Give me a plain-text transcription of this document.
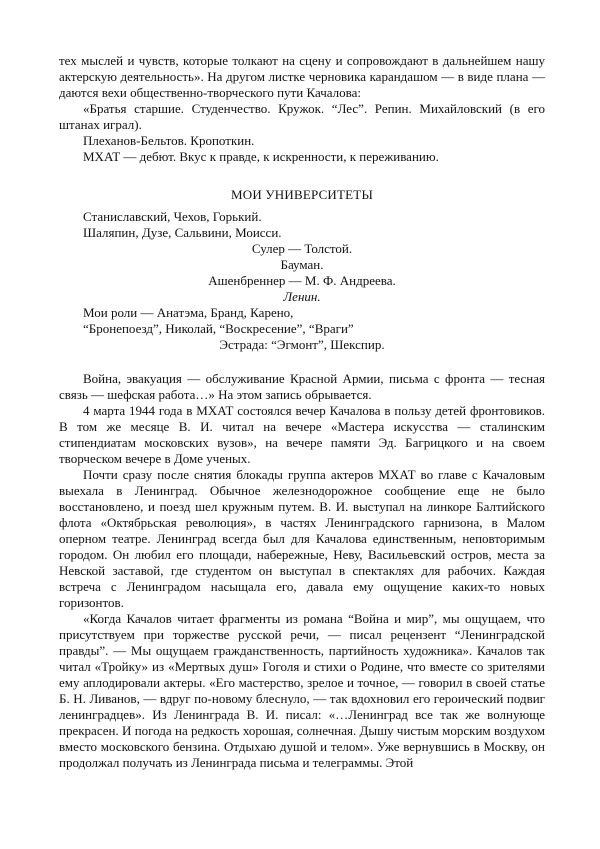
тех мыслей и чувств, которые толкают на сцену и сопровождают в дальнейшем нашу актерскую деятельность». На другом листке черновика карандашом — в виде плана — даются вехи общественно-творческого пути Качалова:

«Братья старшие. Студенчество. Кружок. “Лес”. Репин. Михайловский (в его штанах играл).

Плеханов-Бельтов. Кропоткин.

МХАТ — дебют. Вкус к правде, к искренности, к переживанию.

МОИ УНИВЕРСИТЕТЫ

Станиславский, Чехов, Горький.

Шаляпин, Дузе, Сальвини, Моисси.

Сулер — Толстой.

Бауман.

Ашенбреннер — М. Ф. Андреева.

Ленин.

Мои роли — Анатэма, Бранд, Карено,

“Бронепоезд”, Николай, “Воскресение”, “Враги”

Эстрада: “Эгмонт”, Шекспир.

Война, эвакуация — обслуживание Красной Армии, письма с фронта — тесная связь — шефская работа…» На этом запись обрывается.

4 марта 1944 года в МХАТ состоялся вечер Качалова в пользу детей фронтовиков. В том же месяце В. И. читал на вечере «Мастера искусства — сталинским стипендиатам московских вузов», на вечере памяти Эд. Багрицкого и на своем творческом вечере в Доме ученых.

Почти сразу после снятия блокады группа актеров МХАТ во главе с Качаловым выехала в Ленинград. Обычное железнодорожное сообщение еще не было восстановлено, и поезд шел кружным путем. В. И. выступал на линкоре Балтийского флота «Октябрьская революция», в частях Ленинградского гарнизона, в Малом оперном театре. Ленинград всегда был для Качалова единственным, неповторимым городом. Он любил его площади, набережные, Неву, Васильевский остров, места за Невской заставой, где студентом он выступал в спектаклях для рабочих. Каждая встреча с Ленинградом насыщала его, давала ему ощущение каких-то новых горизонтов.

«Когда Качалов читает фрагменты из романа “Война и мир”, мы ощущаем, что присутствуем при торжестве русской речи, — писал рецензент “Ленинградской правды”. — Мы ощущаем гражданственность, партийность художника». Качалов так читал «Тройку» из «Мертвых душ» Гоголя и стихи о Родине, что вместе со зрителями ему аплодировали актеры. «Его мастерство, зрелое и точное, — говорил в своей статье Б. Н. Ливанов, — вдруг по-новому блеснуло, — так вдохновил его героический подвиг ленинградцев». Из Ленинграда В. И. писал: «…Ленинград все так же волнующе прекрасен. И погода на редкость хорошая, солнечная. Дышу чистым морским воздухом вместо московского бензина. Отдыхаю душой и телом». Уже вернувшись в Москву, он продолжал получать из Ленинграда письма и телеграммы. Этой
